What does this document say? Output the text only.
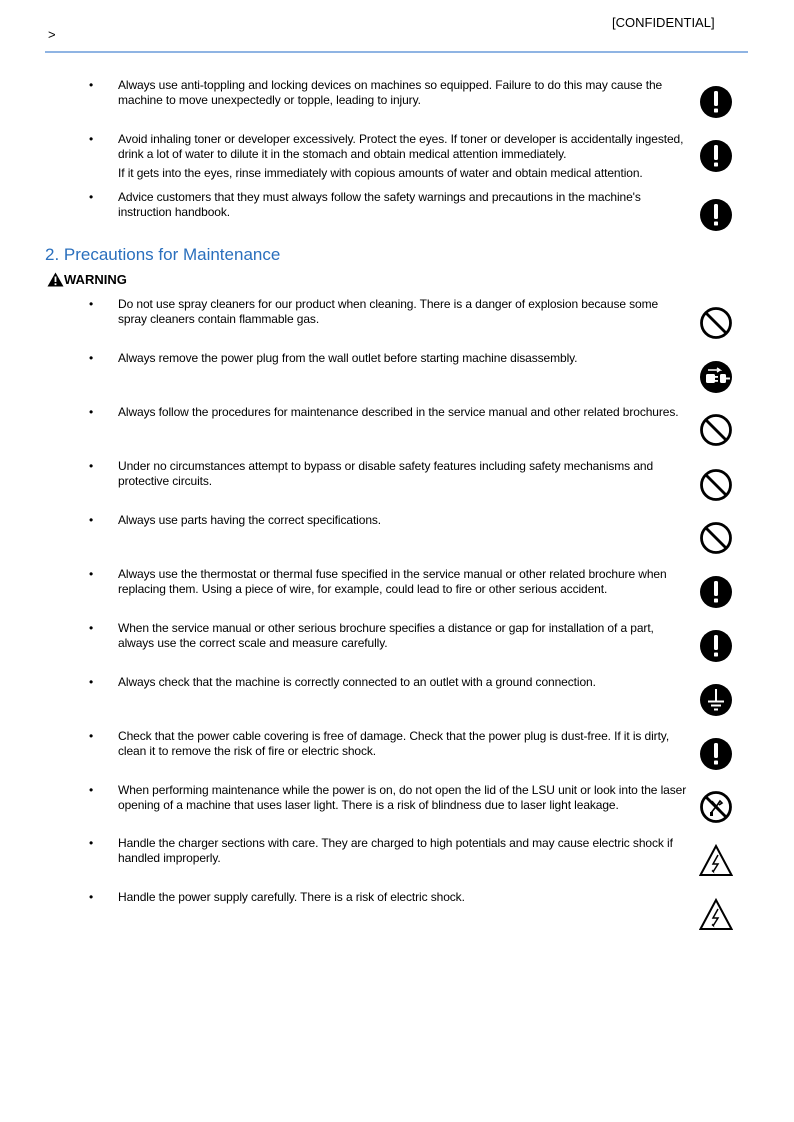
[CONFIDENTIAL]
>
• Always use anti-toppling and locking devices on machines so equipped. Failure to do this may cause the machine to move unexpectedly or topple, leading to injury.

• Avoid inhaling toner or developer excessively. Protect the eyes. If toner or developer is accidentally ingested, drink a lot of water to dilute it in the stomach and obtain medical attention immediately.

If it gets into the eyes, rinse immediately with copious amounts of water and obtain medical attention.

• Advice customers that they must always follow the safety warnings and precautions in the machine's instruction handbook.

2. Precautions for Maintenance
WARNING
• Do not use spray cleaners for our product when cleaning. There is a danger of explosion because some spray cleaners contain flammable gas.

• Always remove the power plug from the wall outlet before starting machine disassembly.

• Always follow the procedures for maintenance described in the service manual and other related brochures.

• Under no circumstances attempt to bypass or disable safety features including safety mechanisms and protective circuits.

• Always use parts having the correct specifications.

• Always use the thermostat or thermal fuse specified in the service manual or other related brochure when replacing them. Using a piece of wire, for example, could lead to fire or other serious accident.

• When the service manual or other serious brochure specifies a distance or gap for installation of a part, always use the correct scale and measure carefully.

• Always check that the machine is correctly connected to an outlet with a ground connection.

• Check that the power cable covering is free of damage. Check that the power plug is dust-free. If it is dirty, clean it to remove the risk of fire or electric shock.

• When performing maintenance while the power is on, do not open the lid of the LSU unit or look into the laser opening of a machine that uses laser light. There is a risk of blindness due to laser light leakage.

• Handle the charger sections with care. They are charged to high potentials and may cause electric shock if handled improperly.

• Handle the power supply carefully. There is a risk of electric shock.
